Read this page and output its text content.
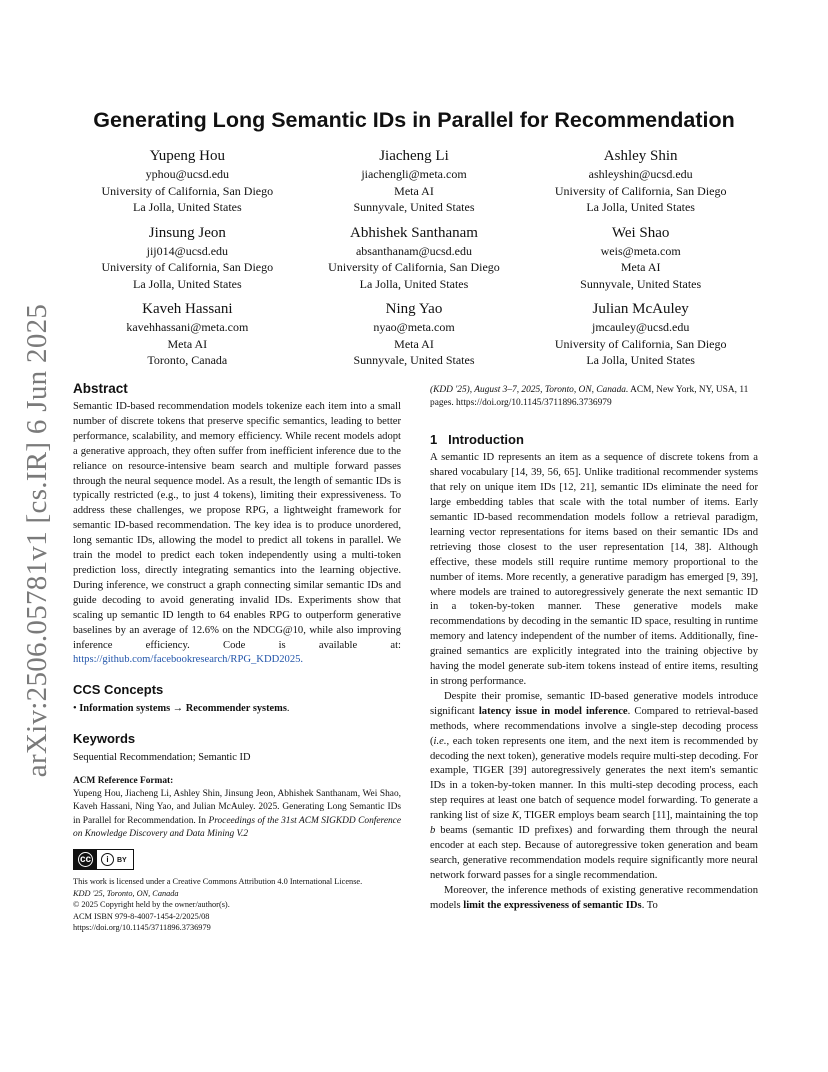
arXiv:2506.05781v1 [cs.IR] 6 Jun 2025
Generating Long Semantic IDs in Parallel for Recommendation
Yupeng Hou
yphou@ucsd.edu
University of California, San Diego
La Jolla, United States
Jiacheng Li
jiachengli@meta.com
Meta AI
Sunnyvale, United States
Ashley Shin
ashleyshin@ucsd.edu
University of California, San Diego
La Jolla, United States
Jinsung Jeon
jij014@ucsd.edu
University of California, San Diego
La Jolla, United States
Abhishek Santhanam
absanthanam@ucsd.edu
University of California, San Diego
La Jolla, United States
Wei Shao
weis@meta.com
Meta AI
Sunnyvale, United States
Kaveh Hassani
kavehhassani@meta.com
Meta AI
Toronto, Canada
Ning Yao
nyao@meta.com
Meta AI
Sunnyvale, United States
Julian McAuley
jmcauley@ucsd.edu
University of California, San Diego
La Jolla, United States
Abstract

Semantic ID-based recommendation models tokenize each item into a small number of discrete tokens that preserve specific semantics, leading to better performance, scalability, and memory efficiency. While recent models adopt a generative approach, they often suffer from inefficient inference due to the reliance on resource-intensive beam search and multiple forward passes through the neural sequence model. As a result, the length of semantic IDs is typically restricted (e.g., to just 4 tokens), limiting their expressiveness. To address these challenges, we propose RPG, a lightweight framework for semantic ID-based recommendation. The key idea is to produce unordered, long semantic IDs, allowing the model to predict all tokens in parallel. We train the model to predict each token independently using a multi-token prediction loss, directly integrating semantics into the learning objective. During inference, we construct a graph connecting similar semantic IDs and guide decoding to avoid generating invalid IDs. Experiments show that scaling up semantic ID length to 64 enables RPG to outperform generative baselines by an average of 12.6% on the NDCG@10, while also improving inference efficiency. Code is available at: https://github.com/facebookresearch/RPG_KDD2025.

CCS Concepts

• Information systems → Recommender systems.

Keywords

Sequential Recommendation; Semantic ID

ACM Reference Format:

Yupeng Hou, Jiacheng Li, Ashley Shin, Jinsung Jeon, Abhishek Santhanam, Wei Shao, Kaveh Hassani, Ning Yao, and Julian McAuley. 2025. Generating Long Semantic IDs in Parallel for Recommendation. In Proceedings of the 31st ACM SIGKDD Conference on Knowledge Discovery and Data Mining V.2

cc	i BY

This work is licensed under a Creative Commons Attribution 4.0 International License.

KDD '25, Toronto, ON, Canada

© 2025 Copyright held by the owner/author(s).

ACM ISBN 979-8-4007-1454-2/2025/08

https://doi.org/10.1145/3711896.3736979

(KDD '25), August 3–7, 2025, Toronto, ON, Canada. ACM, New York, NY, USA, 11 pages. https://doi.org/10.1145/3711896.3736979

1 Introduction

A semantic ID represents an item as a sequence of discrete tokens from a shared vocabulary [14, 39, 56, 65]. Unlike traditional recommender systems that rely on unique item IDs [12, 21], semantic IDs eliminate the need for large embedding tables that scale with the total number of items. Early semantic ID-based recommendation models follow a retrieval paradigm, learning vector representations for items based on their semantic IDs and retrieving those closest to the user representation [14, 38]. Although effective, these models still require runtime memory proportional to the number of items. More recently, a generative paradigm has emerged [9, 39], where models are trained to autoregressively generate the next semantic ID in a token-by-token manner. These generative models make recommendations by decoding in the semantic ID space, resulting in runtime memory and latency independent of the number of items. Additionally, fine-grained semantics are explicitly integrated into the training objective by having the model generate sub-item tokens instead of entire items, resulting in strong performance.

Despite their promise, semantic ID-based generative models introduce significant latency issue in model inference. Compared to retrieval-based methods, where recommendations involve a single-step decoding process (i.e., each token represents one item, and the next item is recommended by decoding the next token), generative models require multi-step decoding. For example, TIGER [39] autoregressively generates the next item's semantic IDs in a token-by-token manner. In this multi-step decoding process, each step requires at least one batch of sequence model forwarding. To generate a ranking list of size K, TIGER employs beam search [11], maintaining the top b beams (semantic ID prefixes) and forwarding them through the neural encoder at each step. Because of autoregressive token generation and beam search, generative recommendation models require significantly more neural network forward passes for a single recommendation.

Moreover, the inference methods of existing generative recommendation models limit the expressiveness of semantic IDs. To
